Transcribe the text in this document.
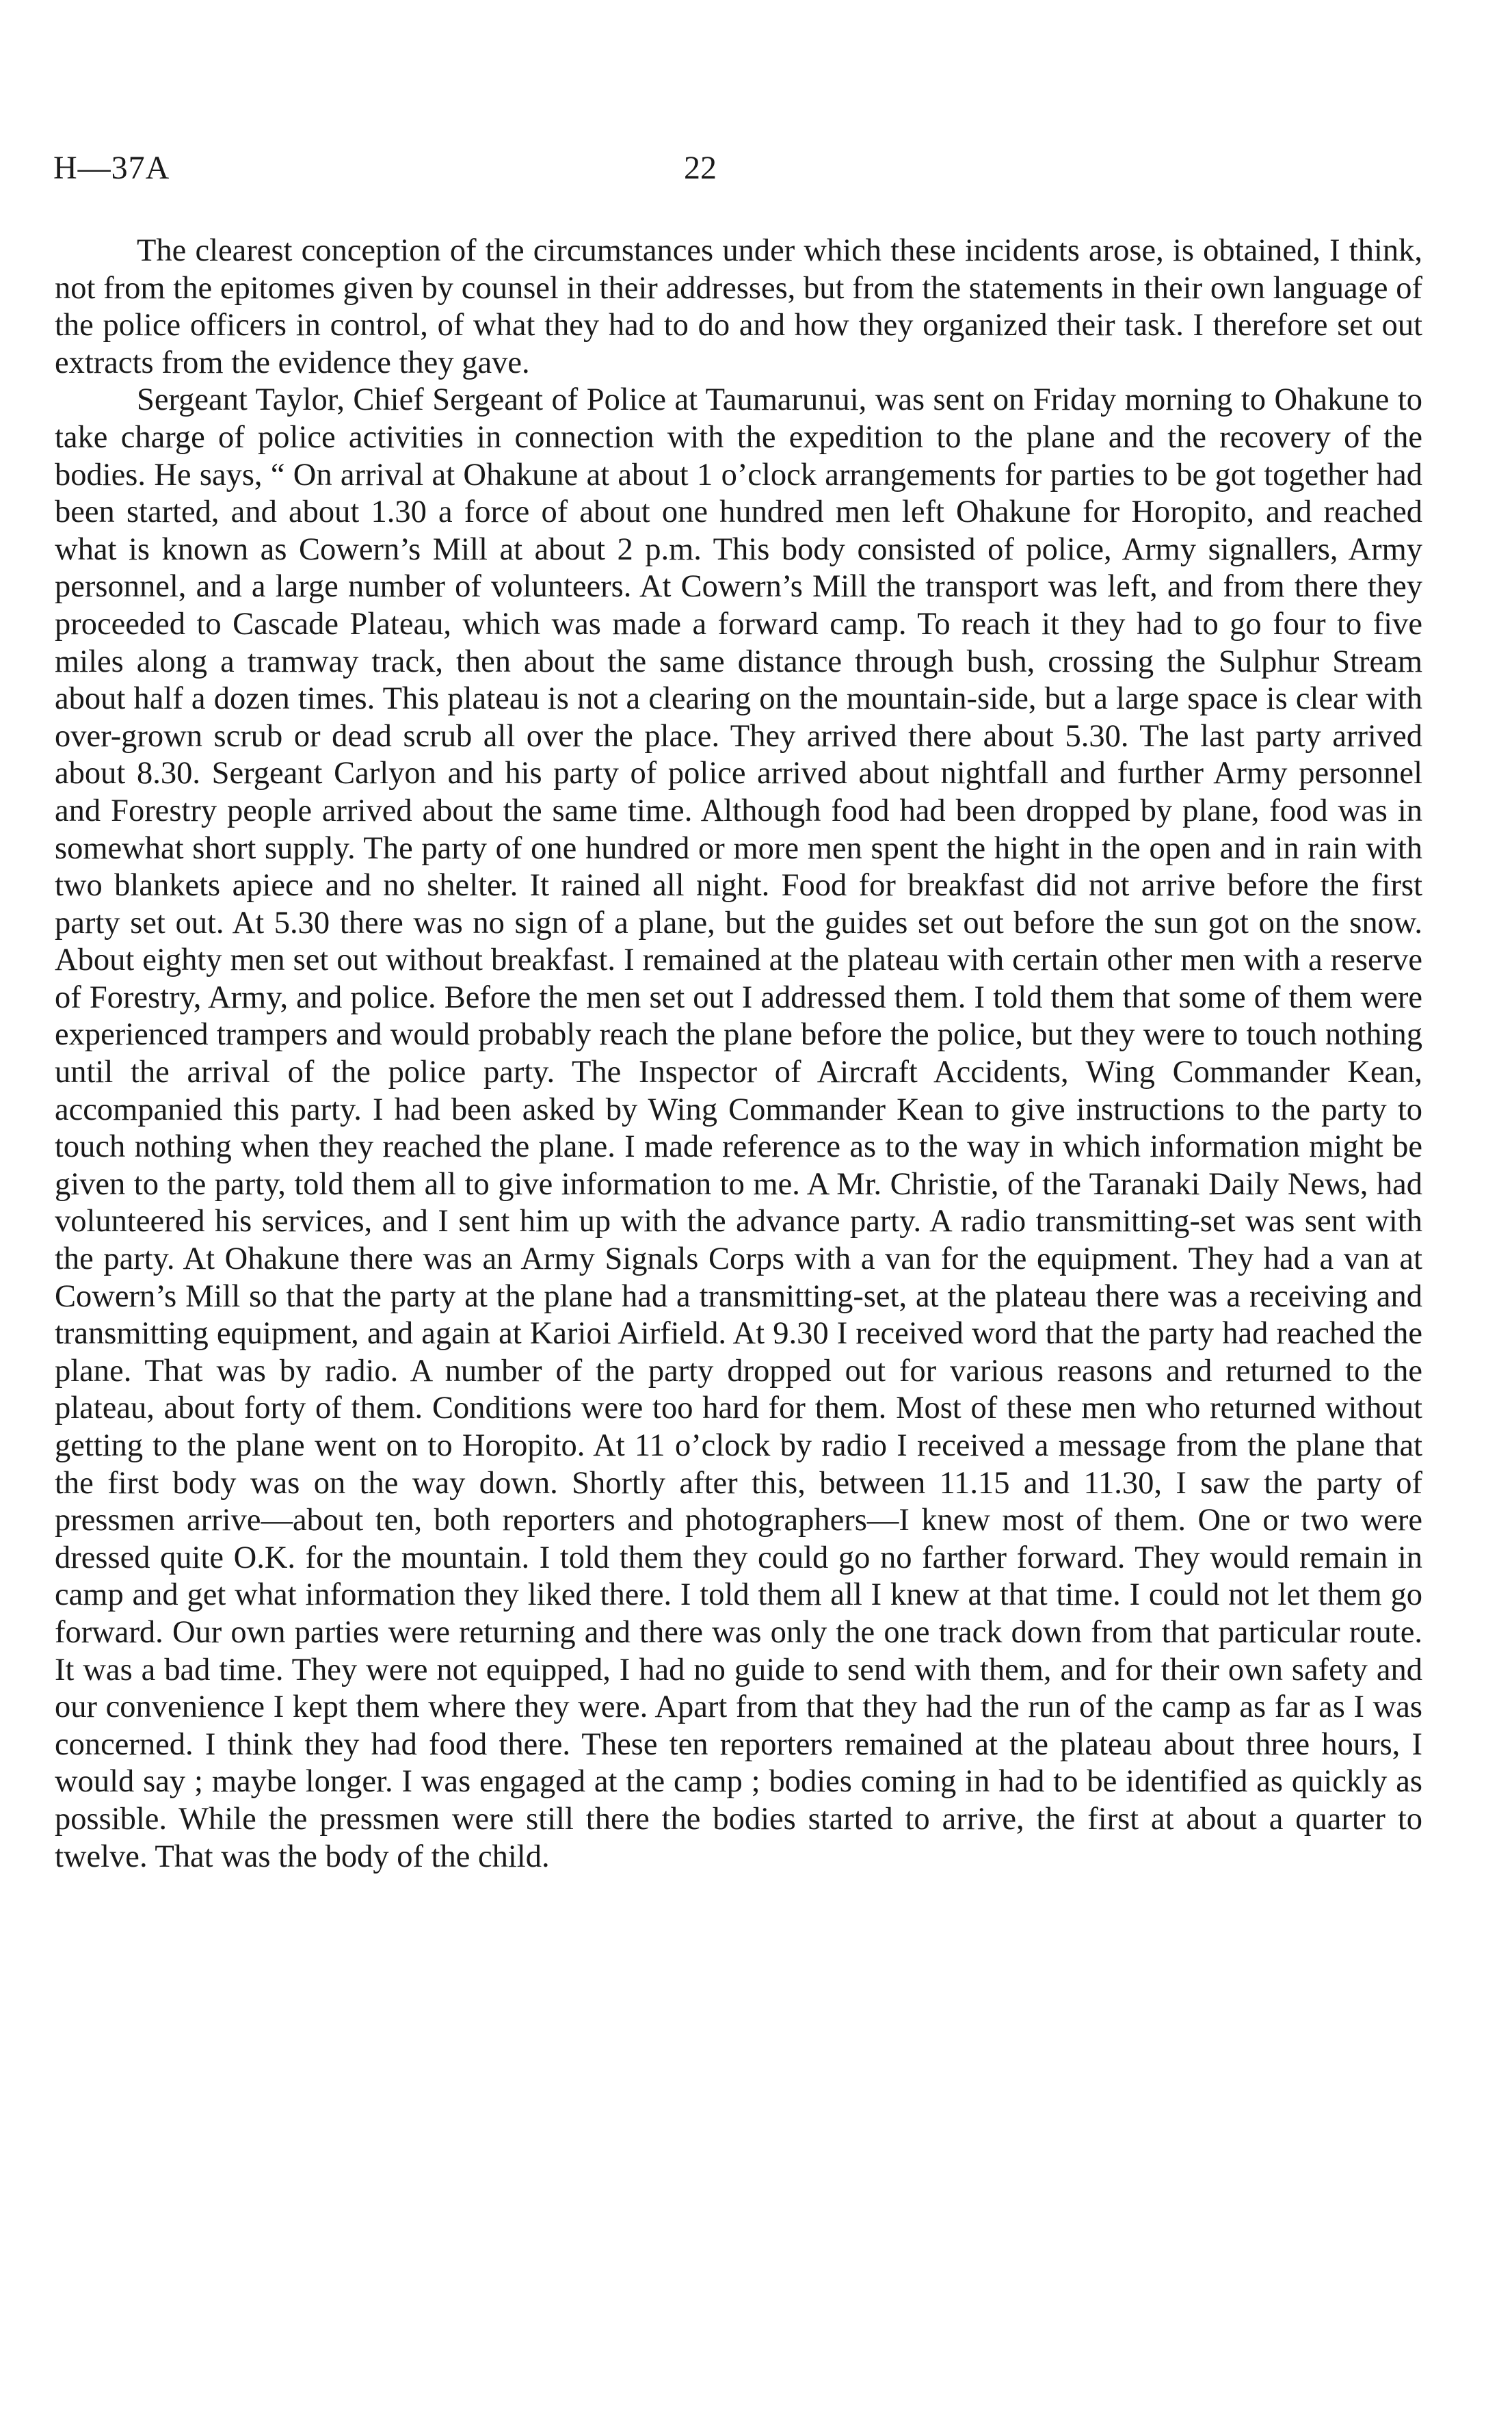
H—37A	22

The clearest conception of the circumstances under which these incidents arose, is obtained, I think, not from the epitomes given by counsel in their addresses, but from the statements in their own language of the police officers in control, of what they had to do and how they organized their task. I therefore set out extracts from the evidence they gave.

Sergeant Taylor, Chief Sergeant of Police at Taumarunui, was sent on Friday morning to Ohakune to take charge of police activities in connection with the expedition to the plane and the recovery of the bodies. He says, “ On arrival at Ohakune at about 1 o’clock arrangements for parties to be got together had been started, and about 1.30 a force of about one hundred men left Ohakune for Horopito, and reached what is known as Cowern’s Mill at about 2 p.m. This body consisted of police, Army signallers, Army personnel, and a large number of volunteers. At Cowern’s Mill the transport was left, and from there they proceeded to Cascade Plateau, which was made a forward camp. To reach it they had to go four to five miles along a tramway track, then about the same distance through bush, crossing the Sulphur Stream about half a dozen times. This plateau is not a clearing on the mountain-side, but a large space is clear with over-grown scrub or dead scrub all over the place. They arrived there about 5.30. The last party arrived about 8.30. Sergeant Carlyon and his party of police arrived about nightfall and further Army personnel and Forestry people arrived about the same time. Although food had been dropped by plane, food was in somewhat short supply. The party of one hundred or more men spent the hight in the open and in rain with two blankets apiece and no shelter. It rained all night. Food for breakfast did not arrive before the first party set out. At 5.30 there was no sign of a plane, but the guides set out before the sun got on the snow. About eighty men set out without breakfast. I remained at the plateau with certain other men with a reserve of Forestry, Army, and police. Before the men set out I addressed them. I told them that some of them were experienced trampers and would probably reach the plane before the police, but they were to touch nothing until the arrival of the police party. The Inspector of Aircraft Accidents, Wing Commander Kean, accompanied this party. I had been asked by Wing Commander Kean to give instructions to the party to touch nothing when they reached the plane. I made reference as to the way in which information might be given to the party, told them all to give information to me. A Mr. Christie, of the Taranaki Daily News, had volunteered his services, and I sent him up with the advance party. A radio transmitting-set was sent with the party. At Ohakune there was an Army Signals Corps with a van for the equipment. They had a van at Cowern’s Mill so that the party at the plane had a transmitting-set, at the plateau there was a receiving and transmitting equipment, and again at Karioi Airfield. At 9.30 I received word that the party had reached the plane. That was by radio. A number of the party dropped out for various reasons and returned to the plateau, about forty of them. Conditions were too hard for them. Most of these men who returned without getting to the plane went on to Horopito. At 11 o’clock by radio I received a message from the plane that the first body was on the way down. Shortly after this, between 11.15 and 11.30, I saw the party of pressmen arrive—about ten, both reporters and photographers—I knew most of them. One or two were dressed quite O.K. for the mountain. I told them they could go no farther forward. They would remain in camp and get what information they liked there. I told them all I knew at that time. I could not let them go forward. Our own parties were returning and there was only the one track down from that particular route. It was a bad time. They were not equipped, I had no guide to send with them, and for their own safety and our convenience I kept them where they were. Apart from that they had the run of the camp as far as I was concerned. I think they had food there. These ten reporters remained at the plateau about three hours, I would say ; maybe longer. I was engaged at the camp ; bodies coming in had to be identified as quickly as possible. While the pressmen were still there the bodies started to arrive, the first at about a quarter to twelve. That was the body of the child.
